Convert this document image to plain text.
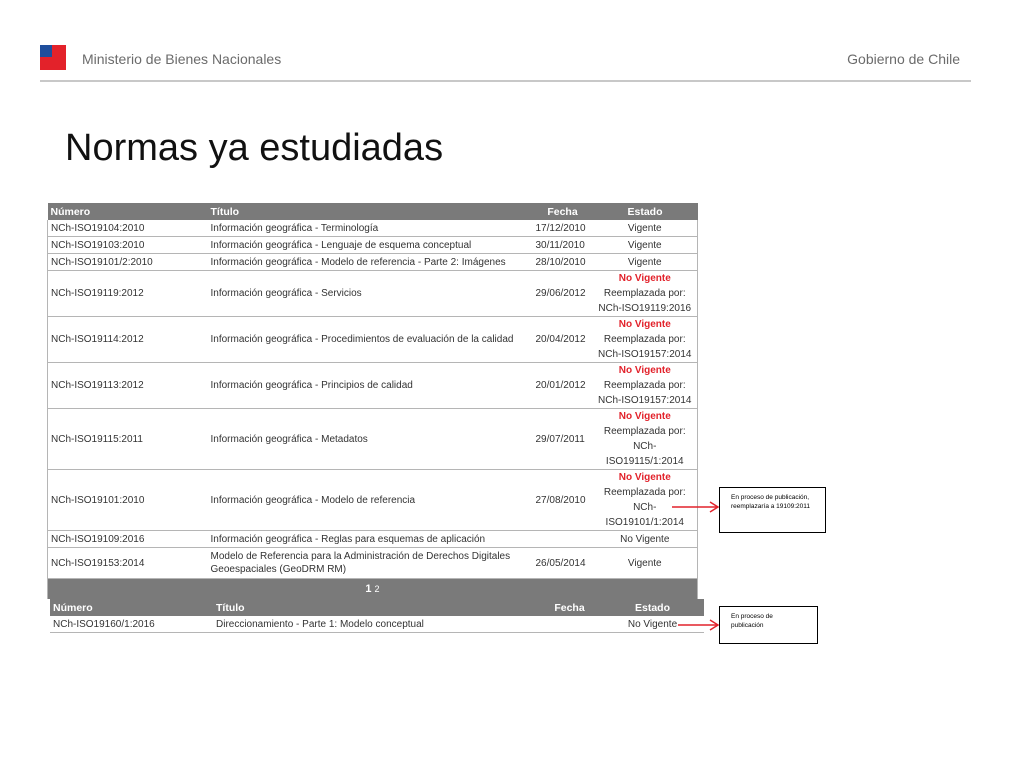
Ministerio de Bienes Nacionales	Gobierno de Chile
Normas ya estudiadas
Número	Título	Fecha	Estado
NCh-ISO19104:2010	Información geográfica - Terminología	17/12/2010	Vigente
NCh-ISO19103:2010	Información geográfica - Lenguaje de esquema conceptual	30/11/2010	Vigente
NCh-ISO19101/2:2010	Información geográfica - Modelo de referencia - Parte 2: Imágenes	28/10/2010	Vigente
NCh-ISO19119:2012	Información geográfica - Servicios	29/06/2012	No Vigente
Reemplazada por:
NCh-ISO19119:2016

NCh-ISO19114:2012	Información geográfica - Procedimientos de evaluación de la calidad	20/04/2012	No Vigente
Reemplazada por:
NCh-ISO19157:2014

NCh-ISO19113:2012	Información geográfica - Principios de calidad	20/01/2012	No Vigente
Reemplazada por:
NCh-ISO19157:2014

NCh-ISO19115:2011	Información geográfica - Metadatos	29/07/2011	No Vigente
Reemplazada por:
NCh-ISO19115/1:2014

NCh-ISO19101:2010	Información geográfica - Modelo de referencia	27/08/2010	No Vigente
Reemplazada por:
NCh-ISO19101/1:2014

NCh-ISO19109:2016	Información geográfica - Reglas para esquemas de aplicación		No Vigente
NCh-ISO19153:2014	Modelo de Referencia para la Administración de Derechos Digitales Geoespaciales (GeoDRM RM)	26/05/2014	Vigente
1 2			
Número	Título	Fecha	Estado
NCh-ISO19160/1:2016	Direccionamiento - Parte 1: Modelo conceptual		No Vigente
En proceso de publicación, reemplazaría a 19109:2011
En proceso de publicación
